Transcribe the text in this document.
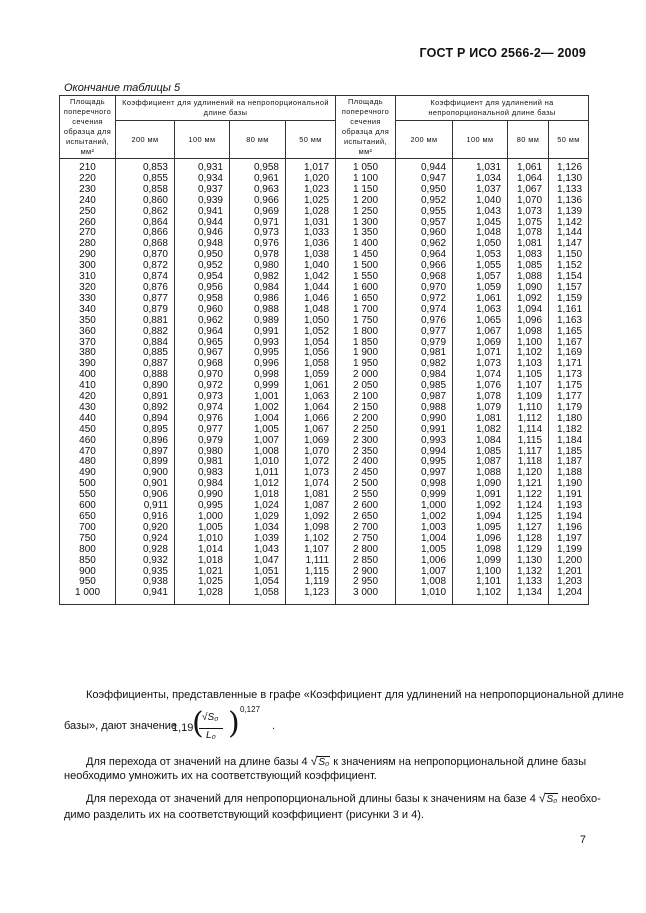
ГОСТ Р ИСО 2566-2— 2009
Окончание таблицы 5
Площадь поперечного сечения образца для испытаний, мм²	Коэффициент для удлинений на непропорциональной длине базы				Площадь поперечного сечения образца для испытаний, мм²	Коэффициент для удлинений на непропорциональной длине базы			
	200 мм	100 мм	80 мм	50 мм		200 мм	100 мм	80 мм	50 мм
210	0,853	0,931	0,958	1,017	1 050	0,944	1,031	1,061	1,126
220	0,855	0,934	0,961	1,020	1 100	0,947	1,034	1,064	1,130
230	0,858	0,937	0,963	1,023	1 150	0,950	1,037	1,067	1,133
240	0,860	0,939	0,966	1,025	1 200	0,952	1,040	1,070	1,136
250	0,862	0,941	0,969	1,028	1 250	0,955	1,043	1,073	1,139
260	0,864	0,944	0,971	1,031	1 300	0,957	1,045	1,075	1,142
270	0,866	0,946	0,973	1,033	1 350	0,960	1,048	1,078	1,144
280	0,868	0,948	0,976	1,036	1 400	0,962	1,050	1,081	1,147
290	0,870	0,950	0,978	1,038	1 450	0,964	1,053	1,083	1,150
300	0,872	0,952	0,980	1,040	1 500	0,966	1,055	1,085	1,152
310	0,874	0,954	0,982	1,042	1 550	0,968	1,057	1,088	1,154
320	0,876	0,956	0,984	1,044	1 600	0,970	1,059	1,090	1,157
330	0,877	0,958	0,986	1,046	1 650	0,972	1,061	1,092	1,159
340	0,879	0,960	0,988	1,048	1 700	0,974	1,063	1,094	1,161
350	0,881	0,962	0,989	1,050	1 750	0,976	1,065	1,096	1,163
360	0,882	0,964	0,991	1,052	1 800	0,977	1,067	1,098	1,165
370	0,884	0,965	0,993	1,054	1 850	0,979	1,069	1,100	1,167
380	0,885	0,967	0,995	1,056	1 900	0,981	1,071	1,102	1,169
390	0,887	0,968	0,996	1,058	1 950	0,982	1,073	1,103	1,171
400	0,888	0,970	0,998	1,059	2 000	0,984	1,074	1,105	1,173
410	0,890	0,972	0,999	1,061	2 050	0,985	1,076	1,107	1,175
420	0,891	0,973	1,001	1,063	2 100	0,987	1,078	1,109	1,177
430	0,892	0,974	1,002	1,064	2 150	0,988	1,079	1,110	1,179
440	0,894	0,976	1,004	1,066	2 200	0,990	1,081	1,112	1,180
450	0,895	0,977	1,005	1,067	2 250	0,991	1,082	1,114	1,182
460	0,896	0,979	1,007	1,069	2 300	0,993	1,084	1,115	1,184
470	0,897	0,980	1,008	1,070	2 350	0,994	1,085	1,117	1,185
480	0,899	0,981	1,010	1,072	2 400	0,995	1,087	1,118	1,187
490	0,900	0,983	1,011	1,073	2 450	0,997	1,088	1,120	1,188
500	0,901	0,984	1,012	1,074	2 500	0,998	1,090	1,121	1,190
550	0,906	0,990	1,018	1,081	2 550	0,999	1,091	1,122	1,191
600	0,911	0,995	1,024	1,087	2 600	1,000	1,092	1,124	1,193
650	0,916	1,000	1,029	1,092	2 650	1,002	1,094	1,125	1,194
700	0,920	1,005	1,034	1,098	2 700	1,003	1,095	1,127	1,196
750	0,924	1,010	1,039	1,102	2 750	1,004	1,096	1,128	1,197
800	0,928	1,014	1,043	1,107	2 800	1,005	1,098	1,129	1,199
850	0,932	1,018	1,047	1,111	2 850	1,006	1,099	1,130	1,200
900	0,935	1,021	1,051	1,115	2 900	1,007	1,100	1,132	1,201
950	0,938	1,025	1,054	1,119	2 950	1,008	1,101	1,133	1,203
1 000	0,941	1,028	1,058	1,123	3 000	1,010	1,102	1,134	1,204
Коэффициенты, представленные в графе «Коэффициент для удлинений на непропорциональной длине
базы», дают значение
1,19
(
√S₀
L₀ ) 0,127
.
Для перехода от значений на длине базы 4 √S₀ к значениям на непропорциональной длине базы
необходимо умножить их на соответствующий коэффициент.
Для перехода от значений для непропорциональной длины базы к значениям на базе 4 √S₀ необхо-
димо разделить их на соответствующий коэффициент (рисунки 3 и 4).
7
